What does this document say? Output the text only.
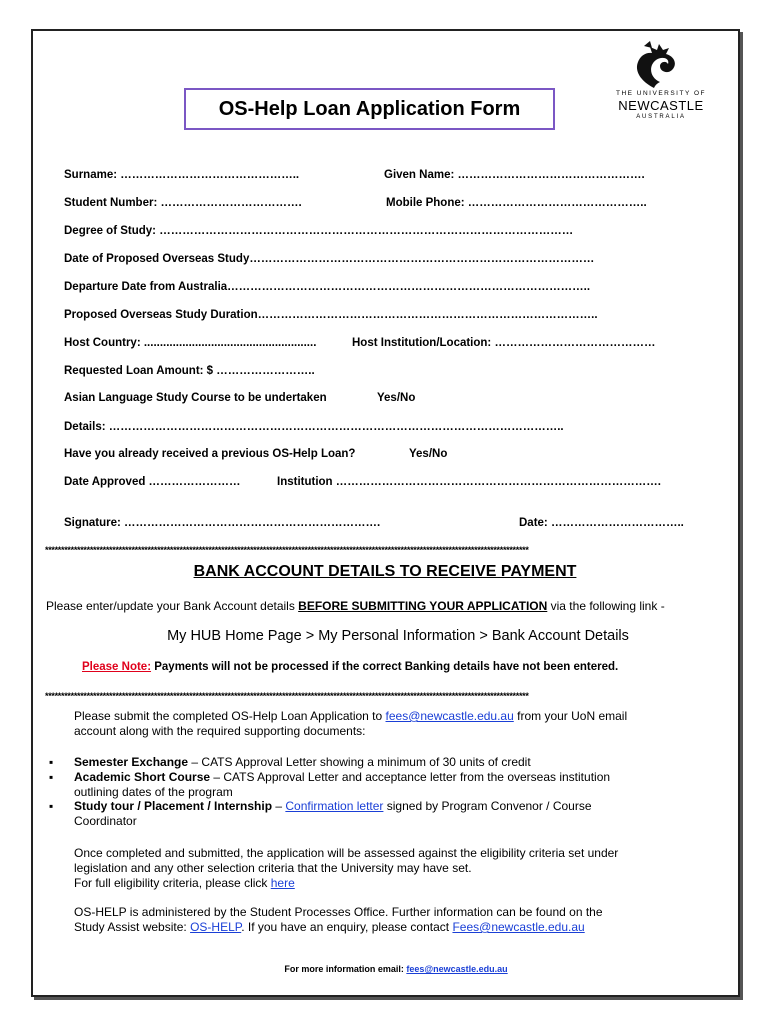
OS-Help Loan Application Form
THE UNIVERSITY OF
NEWCASTLE
AUSTRALIA
Surname: ………………………………………..	Given Name: ………………………………………….
Student Number: ……………………………….	Mobile Phone: ………………………………………..
Degree of Study: ………………………………………………………………………………………………
Date of Proposed Overseas Study………………………………………………………………………………
Departure Date from Australia…………………………………………………………………………………..
Proposed Overseas Study Duration……………………………………………………………………………..
Host Country: ......................................................	Host Institution/Location: ……………………………………
Requested Loan Amount: $ ……………………..
Asian Language Study Course to be undertaken	Yes/No
Details: ………………………………………………………………………………………………………..
Have you already received a previous OS-Help Loan?	Yes/No
Date Approved ……………………	Institution ………………………………………………………………………….
Signature: ………………………………………………………….	Date: ……………………………..
*******************************************************************************************************************************************************
BANK ACCOUNT DETAILS TO RECEIVE PAYMENT
Please enter/update your Bank Account details BEFORE SUBMITTING YOUR APPLICATION via the following link -
My HUB Home Page > My Personal Information > Bank Account Details
Please Note: Payments will not be processed if the correct Banking details have not been entered.
*******************************************************************************************************************************************************
Please submit the completed OS-Help Loan Application to fees@newcastle.edu.au from your UoN email
account along with the required supporting documents:
▪ Semester Exchange – CATS Approval Letter showing a minimum of 30 units of credit
▪ Academic Short Course – CATS Approval Letter and acceptance letter from the overseas institution
outlining dates of the program
▪ Study tour / Placement / Internship – Confirmation letter signed by Program Convenor / Course
Coordinator
Once completed and submitted, the application will be assessed against the eligibility criteria set under
legislation and any other selection criteria that the University may have set.
For full eligibility criteria, please click here
OS-HELP is administered by the Student Processes Office. Further information can be found on the
Study Assist website: OS-HELP. If you have an enquiry, please contact Fees@newcastle.edu.au
For more information email: fees@newcastle.edu.au
